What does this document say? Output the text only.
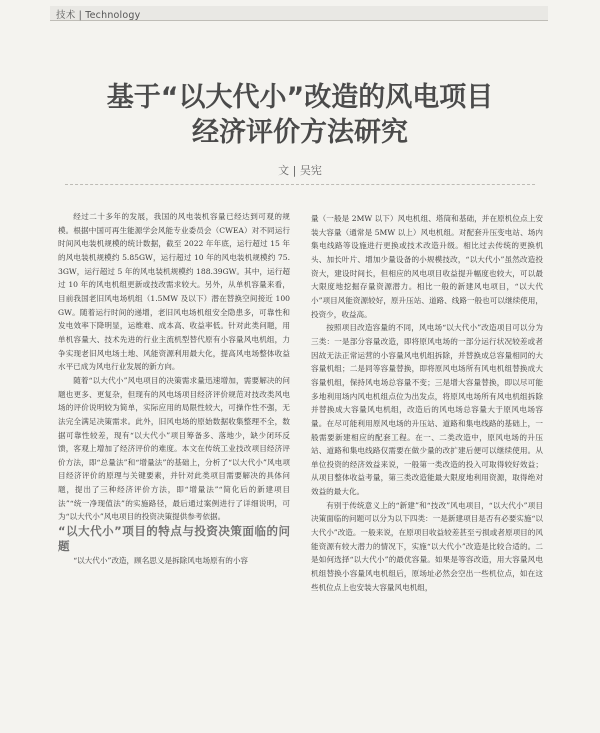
技术 | Technology
基于“以大代小”改造的风电项目
经济评价方法研究
文 | 吴宪

经过二十多年的发展，我国的风电装机容量已经达到可观的规模。根据中国可再生能源学会风能专业委员会（CWEA）对不同运行时间风电装机规模的统计数据，截至 2022 年年底，运行超过 15 年的风电装机规模约 5.85GW，运行超过 10 年的风电装机规模约 75.3GW，运行超过 5 年的风电装机规模约 188.39GW。其中，运行超过 10 年的风电机组更新或技改需求较大。另外，从单机容量来看，目前我国老旧风电场机组（1.5MW 及以下）潜在替换空间接近 100GW。随着运行时间的递增，老旧风电场机组安全隐患多，可靠性和发电效率下降明显，运维难、成本高、收益率低。针对此类问题，用单机容量大、技术先进的行业主流机型替代原有小容量风电机组，力争实现老旧风电场土地、风能资源利用最大化，提高风电场整体收益水平已成为风电行业发展的新方向。

随着“以大代小”风电项目的决策需求量迅速增加，需要解决的问题也更多、更复杂，但现有的风电场项目经济评价规范对技改类风电场的评价说明较为简单，实际应用的局限性较大，可操作性不强，无法完全满足决策需求。此外，旧风电场的原始数据收集整理不全，数据可靠性较差，现有“以大代小”项目筹备多、落地少，缺少闭环反馈，客观上增加了经济评价的难度。本文在传统工业技改项目经济评价方法，即“总量法”和“增量法”的基础上，分析了“以大代小”风电项目经济评价的原理与关键要素，并针对此类项目需要解决的具体问题，提出了三种经济评价方法，即“增量法”“简化后的新建项目法”“统一净现值法”的实施路径，最后通过案例进行了详细说明，可为“以大代小”风电项目的投资决策提供参考依据。

“以大代小”项目的特点与投资决策面临的问题

“以大代小”改造，顾名思义是拆除风电场原有的小容

量（一般是 2MW 以下）风电机组、塔筒和基础，并在原机位点上安装大容量（通常是 5MW 以上）风电机组。对配套升压变电站、场内集电线路等设施进行更换或技术改造升级。相比过去传统的更换机头、加长叶片、增加少量设备的小规模技改，“以大代小”虽然改造投资大，建设时间长，但相应的风电项目收益提升幅度也较大，可以最大限度地挖掘存量资源潜力。相比一般的新建风电项目，“以大代小”项目风能资源较好，原升压站、道路、线路一般也可以继续使用，投资少，收益高。

按照项目改造容量的不同，风电场“以大代小”改造项目可以分为三类：一是部分容量改造，即将原风电场的一部分运行状况较差或者因故无法正常运营的小容量风电机组拆除，并替换成总容量相同的大容量机组；二是同等容量替换，即将原风电场所有风电机组替换成大容量机组，保持风电场总容量不变；三是增大容量替换，即以尽可能多地利用场内风电机组点位为出发点，将原风电场所有风电机组拆除并替换成大容量风电机组，改造后的风电场总容量大于原风电场容量。在尽可能利用原风电场的升压站、道路和集电线路的基础上，一般需要新建相应的配套工程。在一、二类改造中，原风电场的升压站、道路和集电线路仅需要在做少量的改扩建后便可以继续使用。从单位投资的经济效益来说，一般第一类改造的投入可取得较好效益；从项目整体收益考量，第三类改造能最大限度地利用资源，取得绝对效益的最大化。

有别于传统意义上的“新建”和“技改”风电项目，“以大代小”项目决策面临的问题可以分为以下四类：一是新建项目是否有必要实施“以大代小”改造。一般来说，在原项目收益较差甚至亏损或者原项目的风能资源有较大潜力的情况下，实施“以大代小”改造是比较合适的。二是如何选择“以大代小”的最优容量。如果是等容改造，用大容量风电机组替换小容量风电机组后，原场址必然会空出一些机位点，如在这些机位点上也安装大容量风电机组，
